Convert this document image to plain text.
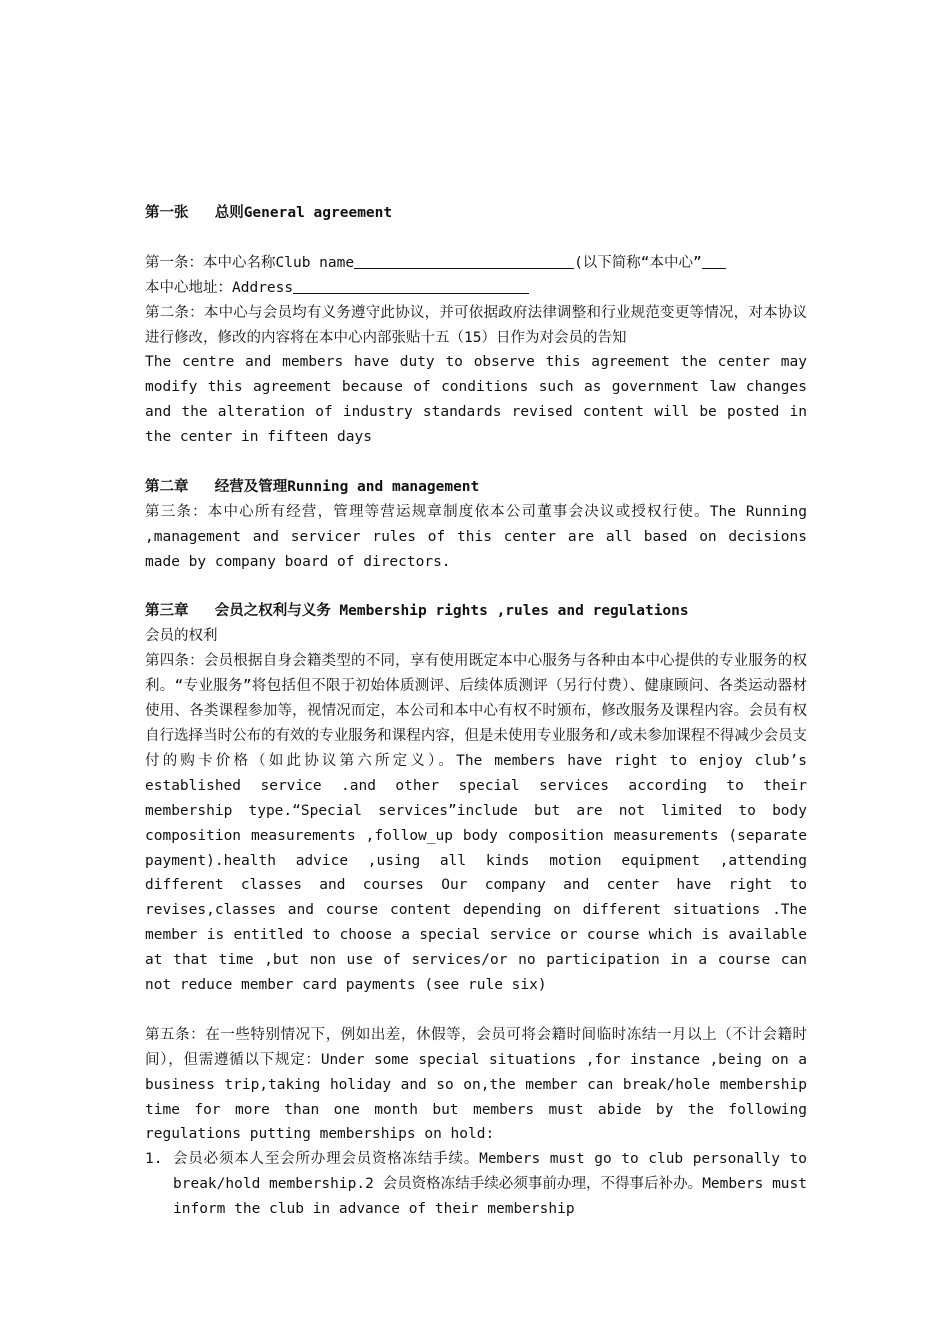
第一张 总则General agreement
第一条：本中心名称Club name	(以下简称“本中心”
本中心地址：Address
第二条：本中心与会员均有义务遵守此协议，并可依据政府法律调整和行业规范变更等情况，对本协议进行修改，修改的内容将在本中心内部张贴十五（15）日作为对会员的告知
The centre and members have duty to observe this agreement the center may modify this agreement because of conditions such as government law changes and the alteration of industry standards revised content will be posted in the center in fifteen days
第二章 经营及管理Running and management
第三条：本中心所有经营，管理等营运规章制度依本公司董事会决议或授权行使。The Running ,management and servicer rules of this center are all based on decisions made by company board of directors.
第三章 会员之权利与义务 Membership rights ,rules and regulations
会员的权利
第四条：会员根据自身会籍类型的不同，享有使用既定本中心服务与各种由本中心提供的专业服务的权利。“专业服务”将包括但不限于初始体质测评、后续体质测评（另行付费）、健康顾问、各类运动器材使用、各类课程参加等，视情况而定，本公司和本中心有权不时颁布，修改服务及课程内容。会员有权自行选择当时公布的有效的专业服务和课程内容，但是未使用专业服务和/或未参加课程不得减少会员支付的购卡价格（如此协议第六所定义）。The members have right to enjoy club’s established service .and other special services according to their membership type.“Special services”include but are not limited to body composition measurements ,follow_up body composition measurements (separate payment).health advice ,using all kinds motion equipment ,attending different classes and courses Our company and center have right to revises,classes and course content depending on different situations .The member is entitled to choose a special service or course which is available at that time ,but non use of services/or no participation in a course can not reduce member card payments (see rule six)
第五条：在一些特别情况下，例如出差，休假等，会员可将会籍时间临时冻结一月以上（不计会籍时间），但需遵循以下规定：Under some special situations ,for instance ,being on a business trip,taking holiday and so on,the member can break/hole membership time for more than one month but members must abide by the following regulations putting memberships on hold:
1. 会员必须本人至会所办理会员资格冻结手续。Members must go to club personally to break/hold membership.2 会员资格冻结手续必须事前办理，不得事后补办。Members must inform the club in advance of their membership
